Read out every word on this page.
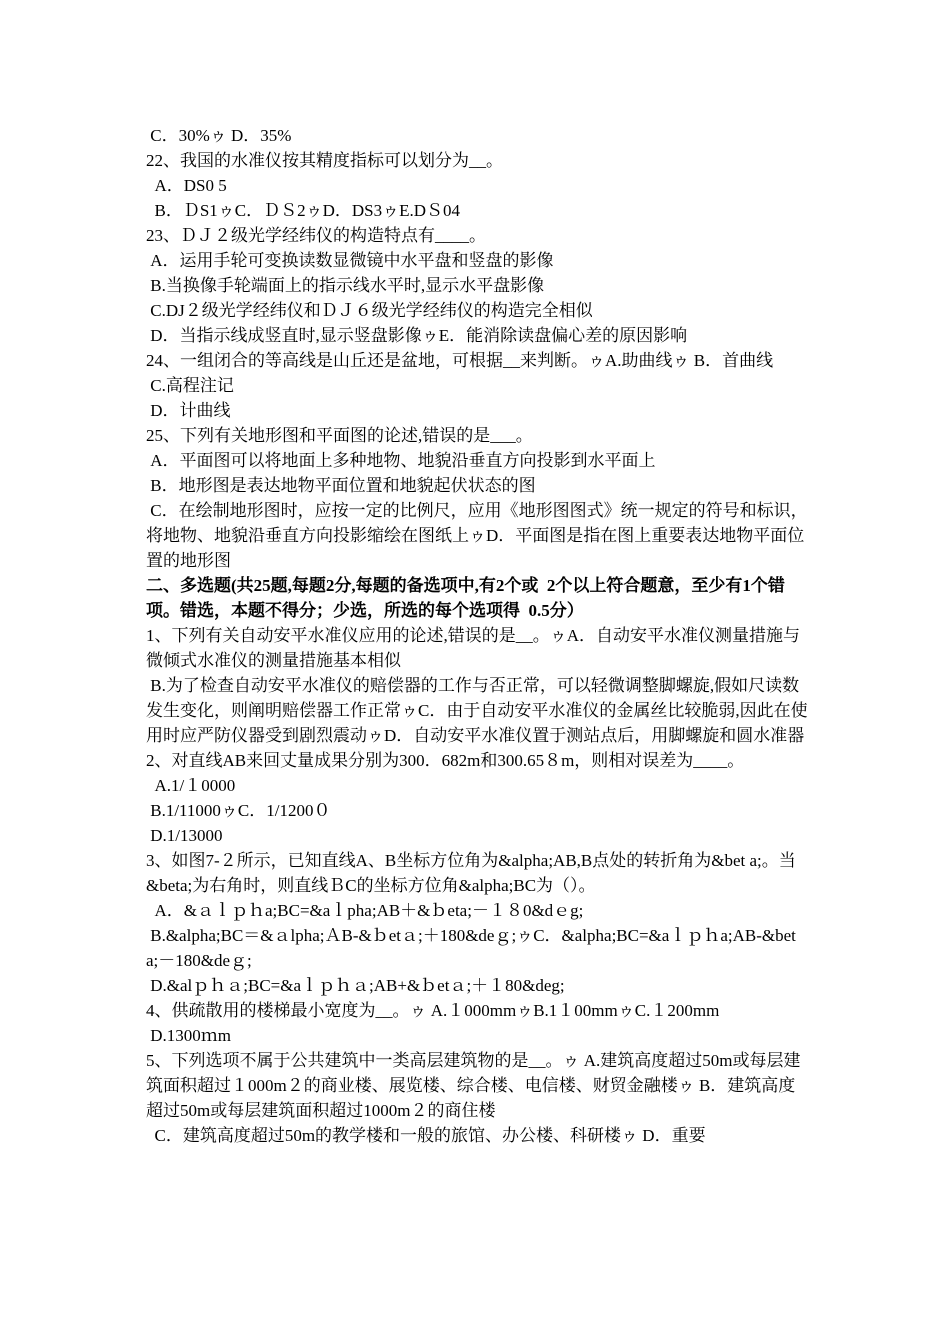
C．30%ゥ D．35%

22、我国的水准仪按其精度指标可以划分为__。

A．DS0 5

B．ＤS1ゥC．ＤＳ2ゥD．DS3ゥE.DＳ04

23、ＤＪ２级光学经纬仪的构造特点有____。

A．运用手轮可变换读数显微镜中水平盘和竖盘的影像

B.当换像手轮端面上的指示线水平时,显示水平盘影像

C.DJ２级光学经纬仪和ＤＪ６级光学经纬仪的构造完全相似

D．当指示线成竖直时,显示竖盘影像ゥE．能消除读盘偏心差的原因影响

24、一组闭合的等高线是山丘还是盆地，可根据__来判断。ゥA.助曲线ゥ B．首曲线

C.高程注记

D．计曲线

25、下列有关地形图和平面图的论述,错误的是___。

A．平面图可以将地面上多种地物、地貌沿垂直方向投影到水平面上

B．地形图是表达地物平面位置和地貌起伏状态的图

C．在绘制地形图时，应按一定的比例尺，应用《地形图图式》统一规定的符号和标识，将地物、地貌沿垂直方向投影缩绘在图纸上ゥD．平面图是指在图上重要表达地物平面位置的地形图

二、多选题(共25题,每题2分,每题的备选项中,有2个或  2个以上符合题意，至少有1个错项。错选，本题不得分；少选，所选的每个选项得  0.5分）

1、下列有关自动安平水准仪应用的论述,错误的是__。ゥA．自动安平水准仪测量措施与微倾式水准仪的测量措施基本相似

B.为了检查自动安平水准仪的赔偿器的工作与否正常，可以轻微调整脚螺旋,假如尺读数发生变化，则阐明赔偿器工作正常ゥC．由于自动安平水准仪的金属丝比较脆弱,因此在使用时应严防仪器受到剧烈震动ゥD．自动安平水准仪置于测站点后，用脚螺旋和圆水准器

2、对直线AB来回丈量成果分别为300．682m和300.65８m，则相对误差为____。

A.1/１0000

B.1/11000ゥC．1/1200０

D.1/13000

3、如图7-２所示，已知直线A、B坐标方位角为&alpha;AB,B点处的转折角为&bet a;。当&beta;为右角时，则直线ＢC的坐标方位角&alpha;BC为（）。

A．&ａｌｐｈa;BC=&aｌpha;AB＋&ｂeta;－１８0&dｅg;

B.&alpha;BC＝&ａlpha;ＡB-&ｂetａ;＋180&deｇ;ゥC．&alpha;BC=&aｌｐｈa;AB-&beta;－180&deｇ;

D.&alｐｈａ;BC=&aｌｐｈａ;AB+&ｂetａ;＋１80&deg;

4、供疏散用的楼梯最小宽度为__。ゥ A.１000mmゥB.1１00mmゥC.１200mm

D.1300ｍm

5、下列选项不属于公共建筑中一类高层建筑物的是__。ゥ A.建筑高度超过50m或每层建筑面积超过１000m２的商业楼、展览楼、综合楼、电信楼、财贸金融楼ゥ B．建筑高度超过50m或每层建筑面积超过1000m２的商住楼

C．建筑高度超过50m的教学楼和一般的旅馆、办公楼、科研楼ゥ D．重要
